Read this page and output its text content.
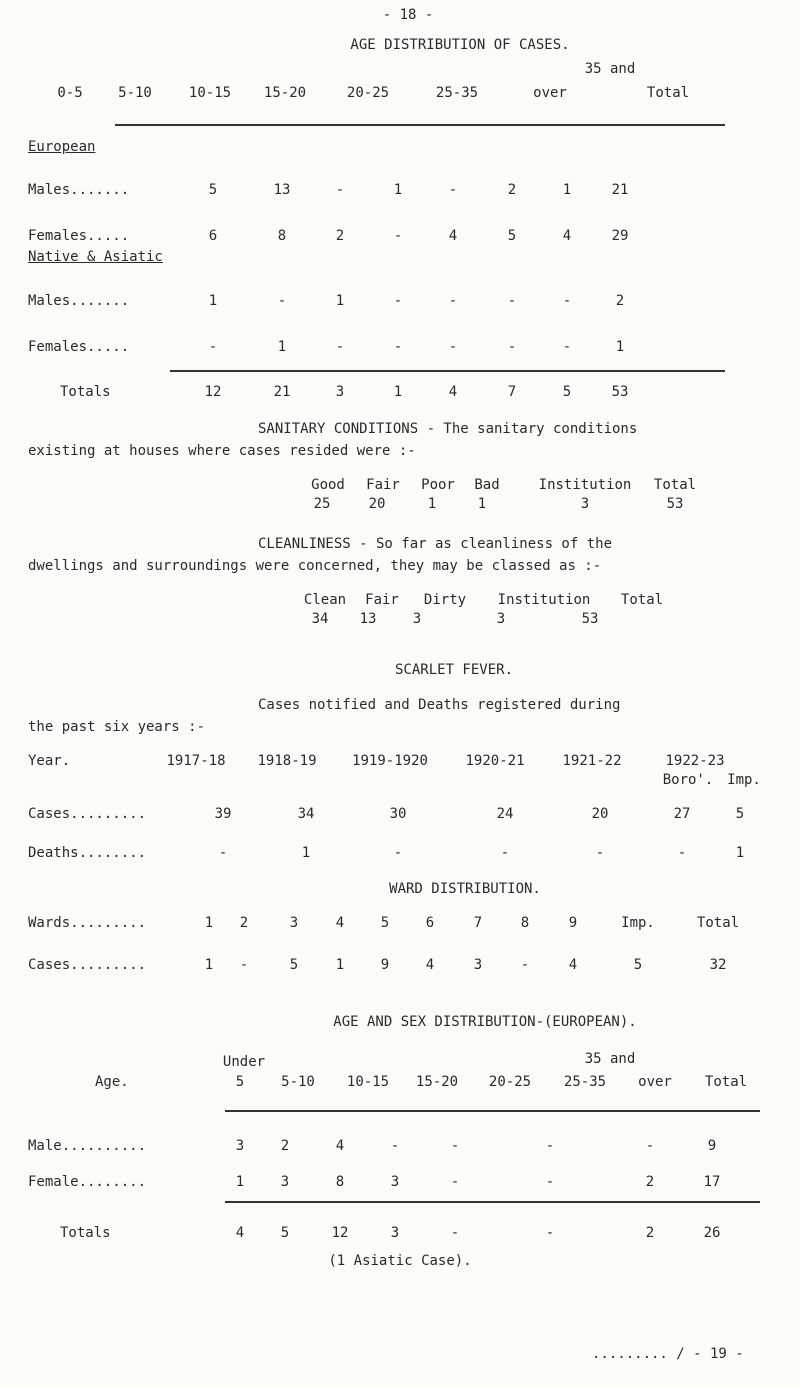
- 18 -
AGE DISTRIBUTION OF CASES.
35 and
0-5	5-10	10-15 15-20	20-25	25-35	over	Total
European
Males.......	5	13	-	1	-	2	1	21
Females.....	6	8	2	-	4	5	4	29
Native & Asiatic
Males.......	1	-	1	-	-	-	-	2
Females.....	-	1	-	-	-	-	-	1
Totals	12	21	3	1	4	7	5	53
SANITARY CONDITIONS - The sanitary conditions
existing at houses where cases resided were :-
Good Fair Poor Bad	Institution Total
25	20	1	1	3	53
CLEANLINESS - So far as cleanliness of the
dwellings and surroundings were concerned, they may be classed as :-
Clean Fair Dirty Institution Total
34 13	3	3	53
SCARLET FEVER.
Cases notified and Deaths registered during
the past six years :-
Year.	1917-18 1918-19	1919-1920	1920-21	1921-22	1922-23
Boro'. Imp.
Cases.........	39	34	30	24	20	27	5
Deaths........	-	1	-	-	-	-	1
WARD DISTRIBUTION.
Wards.........	1 2	3	4	5	6	7	8	9	Imp.	Total
Cases.........	1 -	5	1	9	4	3	-	4	5	32
AGE AND SEX DISTRIBUTION-(EUROPEAN).
Under	35 and
Age.	5	5-10 10-15 15-20 20-25 25-35 over Total
Male..........	3	2	4	-	-	-	-	9
Female........	1	3	8	3	-	-	2	17
Totals	4	5	12	3	-	-	2	26
(1 Asiatic Case).
......... / - 19 -
